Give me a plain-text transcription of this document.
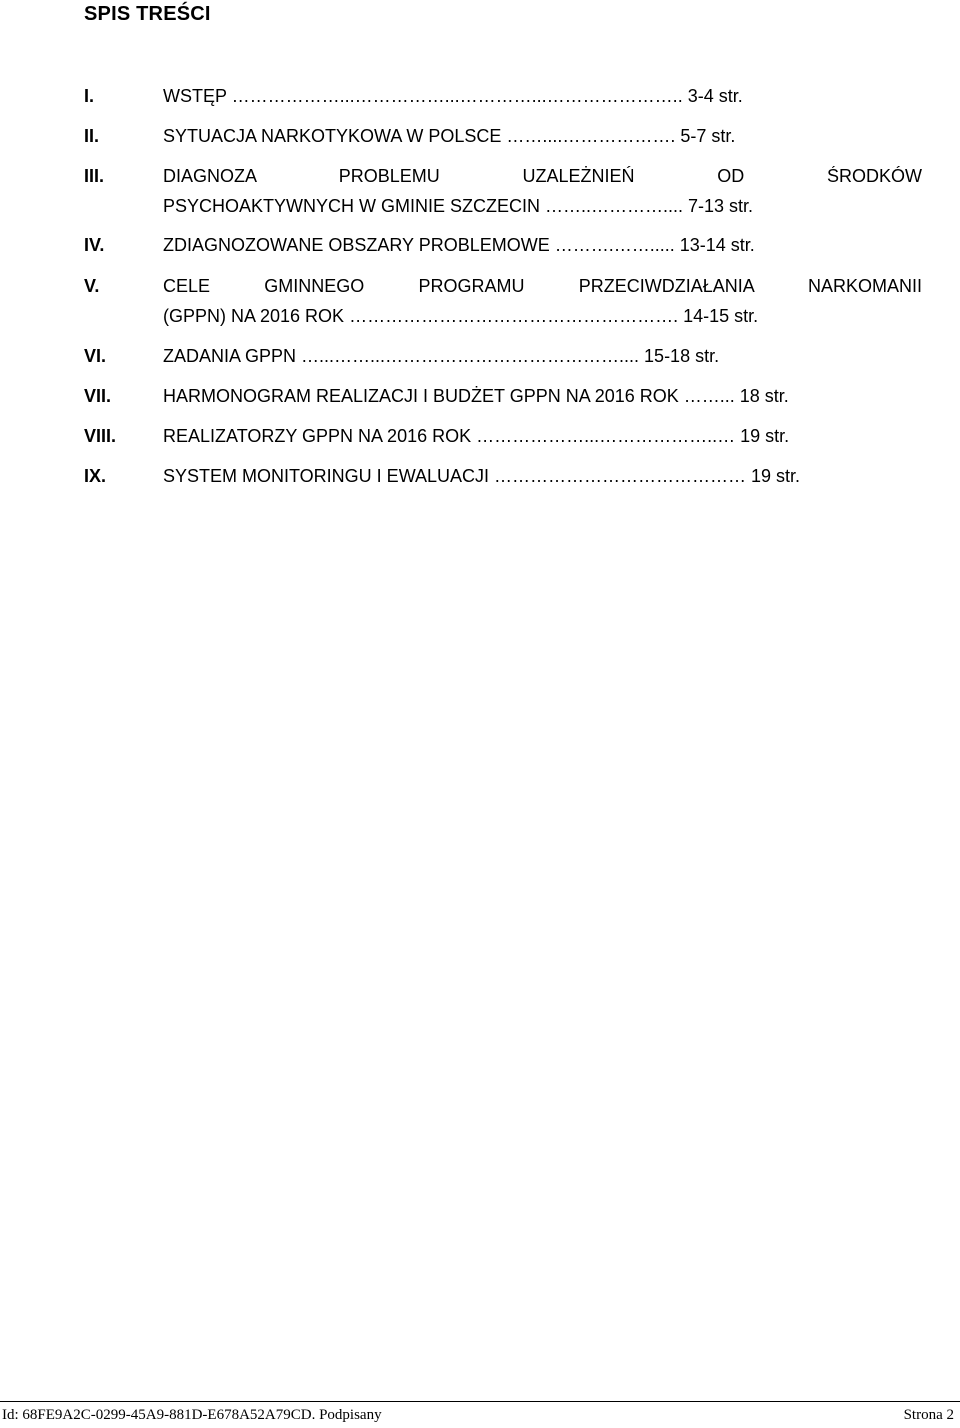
SPIS TREŚCI
I.	WSTĘP ………………...……………...…………...………………….. 3-4 str.
II.	SYTUACJA NARKOTYKOWA W POLSCE ……....………………. 5-7 str.
III.	DIAGNOZA PROBLEMU UZALEŻNIEŃ OD ŚRODKÓW
PSYCHOAKTYWNYCH W GMINIE SZCZECIN ……..………….... 7-13 str.
IV.	ZDIAGNOZOWANE OBSZARY PROBLEMOWE ……….……..... 13-14 str.
V.	CELE GMINNEGO PROGRAMU PRZECIWDZIAŁANIA NARKOMANII
(GPPN) NA 2016 ROK ………………………………………………. 14-15 str.
VI.	ZADANIA GPPN …...……...………………………………….... 15-18 str.
VII.	HARMONOGRAM REALIZACJI I BUDŻET GPPN NA 2016 ROK ……... 18 str.
VIII.	REALIZATORZY GPPN NA 2016 ROK ………………...………………..… 19 str.
IX.	SYSTEM MONITORINGU I EWALUACJI …………………………………… 19 str.
Id: 68FE9A2C-0299-45A9-881D-E678A52A79CD. Podpisany	Strona 2
